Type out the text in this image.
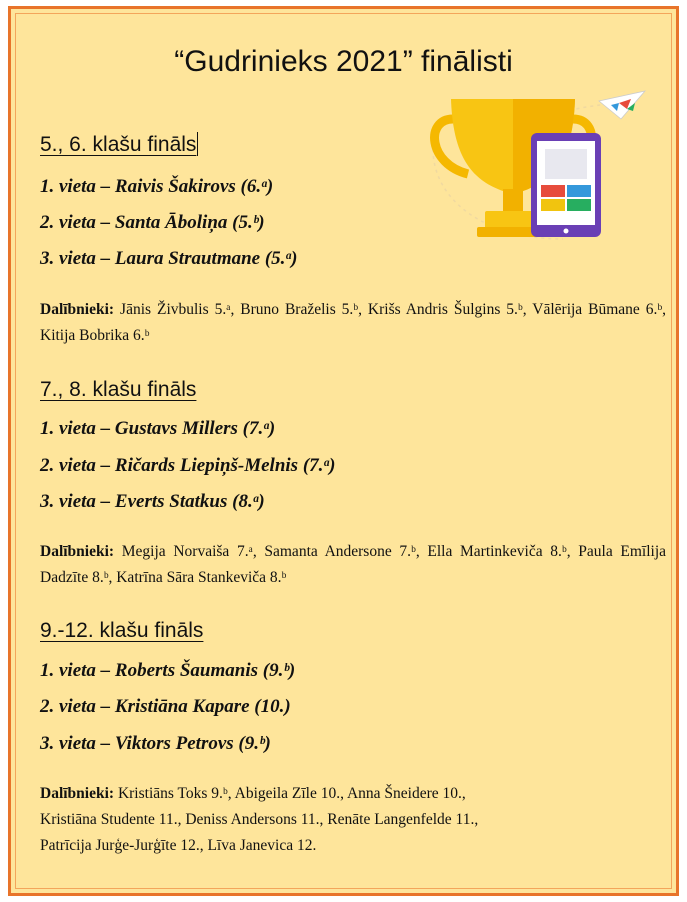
“Gudrinieks 2021” finālisti
5., 6. klašu fināls
1. vieta – Raivis Šakirovs (6.ᵃ)
2. vieta – Santa Āboliņa (5.ᵇ)
3. vieta – Laura Strautmane (5.ᵃ)
Dalībnieki: Jānis Živbulis 5.ᵃ, Bruno Braželis 5.ᵇ, Krišs Andris Šulgins 5.ᵇ, Vālērija Būmane 6.ᵇ, Kitija Bobrika 6.ᵇ
7., 8. klašu fināls
1. vieta – Gustavs Millers (7.ᵃ)
2. vieta – Ričards Liepiņš-Melnis (7.ᵃ)
3. vieta – Everts Statkus (8.ᵃ)
Dalībnieki: Megija Norvaiša 7.ᵃ, Samanta Andersone 7.ᵇ, Ella Martinkeviča 8.ᵇ, Paula Emīlija Dadzīte 8.ᵇ, Katrīna Sāra Stankeviča 8.ᵇ
9.-12. klašu fināls
1. vieta – Roberts Šaumanis (9.ᵇ)
2. vieta – Kristiāna Kapare (10.)
3. vieta – Viktors Petrovs (9.ᵇ)
Dalībnieki: Kristiāns Toks 9.ᵇ, Abigeila Zīle 10., Anna Šneidere 10.,
Kristiāna Studente 11., Deniss Andersons 11., Renāte Langenfelde 11.,
Patrīcija Jurģe-Jurģīte 12., Līva Janevica 12.
